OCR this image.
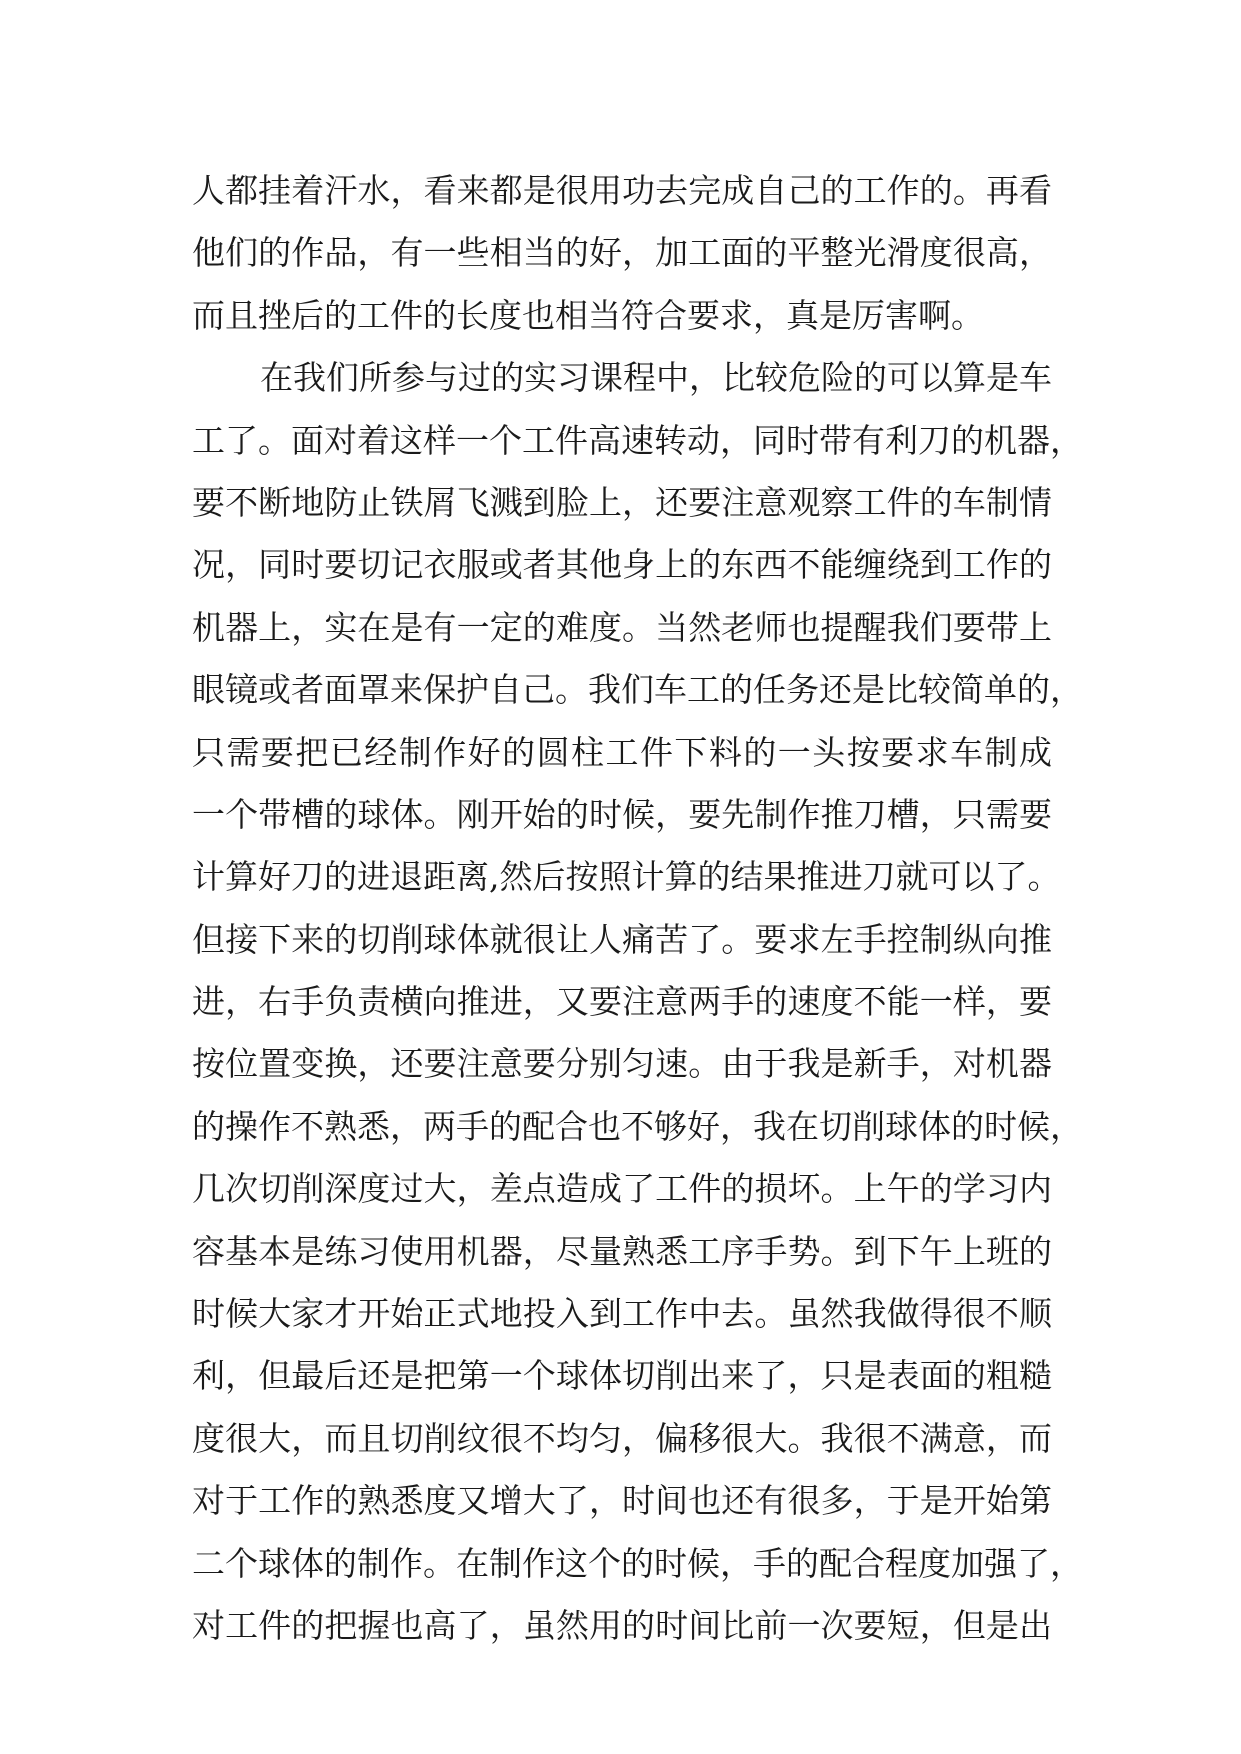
人都挂着汗水，看来都是很用功去完成自己的工作的。再看
他们的作品，有一些相当的好，加工面的平整光滑度很高，
而且挫后的工件的长度也相当符合要求，真是厉害啊。
在我们所参与过的实习课程中，比较危险的可以算是车
工了。面对着这样一个工件高速转动，同时带有利刀的机器，
要不断地防止铁屑飞溅到脸上，还要注意观察工件的车制情
况，同时要切记衣服或者其他身上的东西不能缠绕到工作的
机器上，实在是有一定的难度。当然老师也提醒我们要带上
眼镜或者面罩来保护自己。我们车工的任务还是比较简单的，
只需要把已经制作好的圆柱工件下料的一头按要求车制成
一个带槽的球体。刚开始的时候，要先制作推刀槽，只需要
计算好刀的进退距离,然后按照计算的结果推进刀就可以了。
但接下来的切削球体就很让人痛苦了。要求左手控制纵向推
进，右手负责横向推进，又要注意两手的速度不能一样，要
按位置变换，还要注意要分别匀速。由于我是新手，对机器
的操作不熟悉，两手的配合也不够好，我在切削球体的时候，
几次切削深度过大，差点造成了工件的损坏。上午的学习内
容基本是练习使用机器，尽量熟悉工序手势。到下午上班的
时候大家才开始正式地投入到工作中去。虽然我做得很不顺
利，但最后还是把第一个球体切削出来了，只是表面的粗糙
度很大，而且切削纹很不均匀，偏移很大。我很不满意，而
对于工作的熟悉度又增大了，时间也还有很多，于是开始第
二个球体的制作。在制作这个的时候，手的配合程度加强了，
对工件的把握也高了，虽然用的时间比前一次要短，但是出
